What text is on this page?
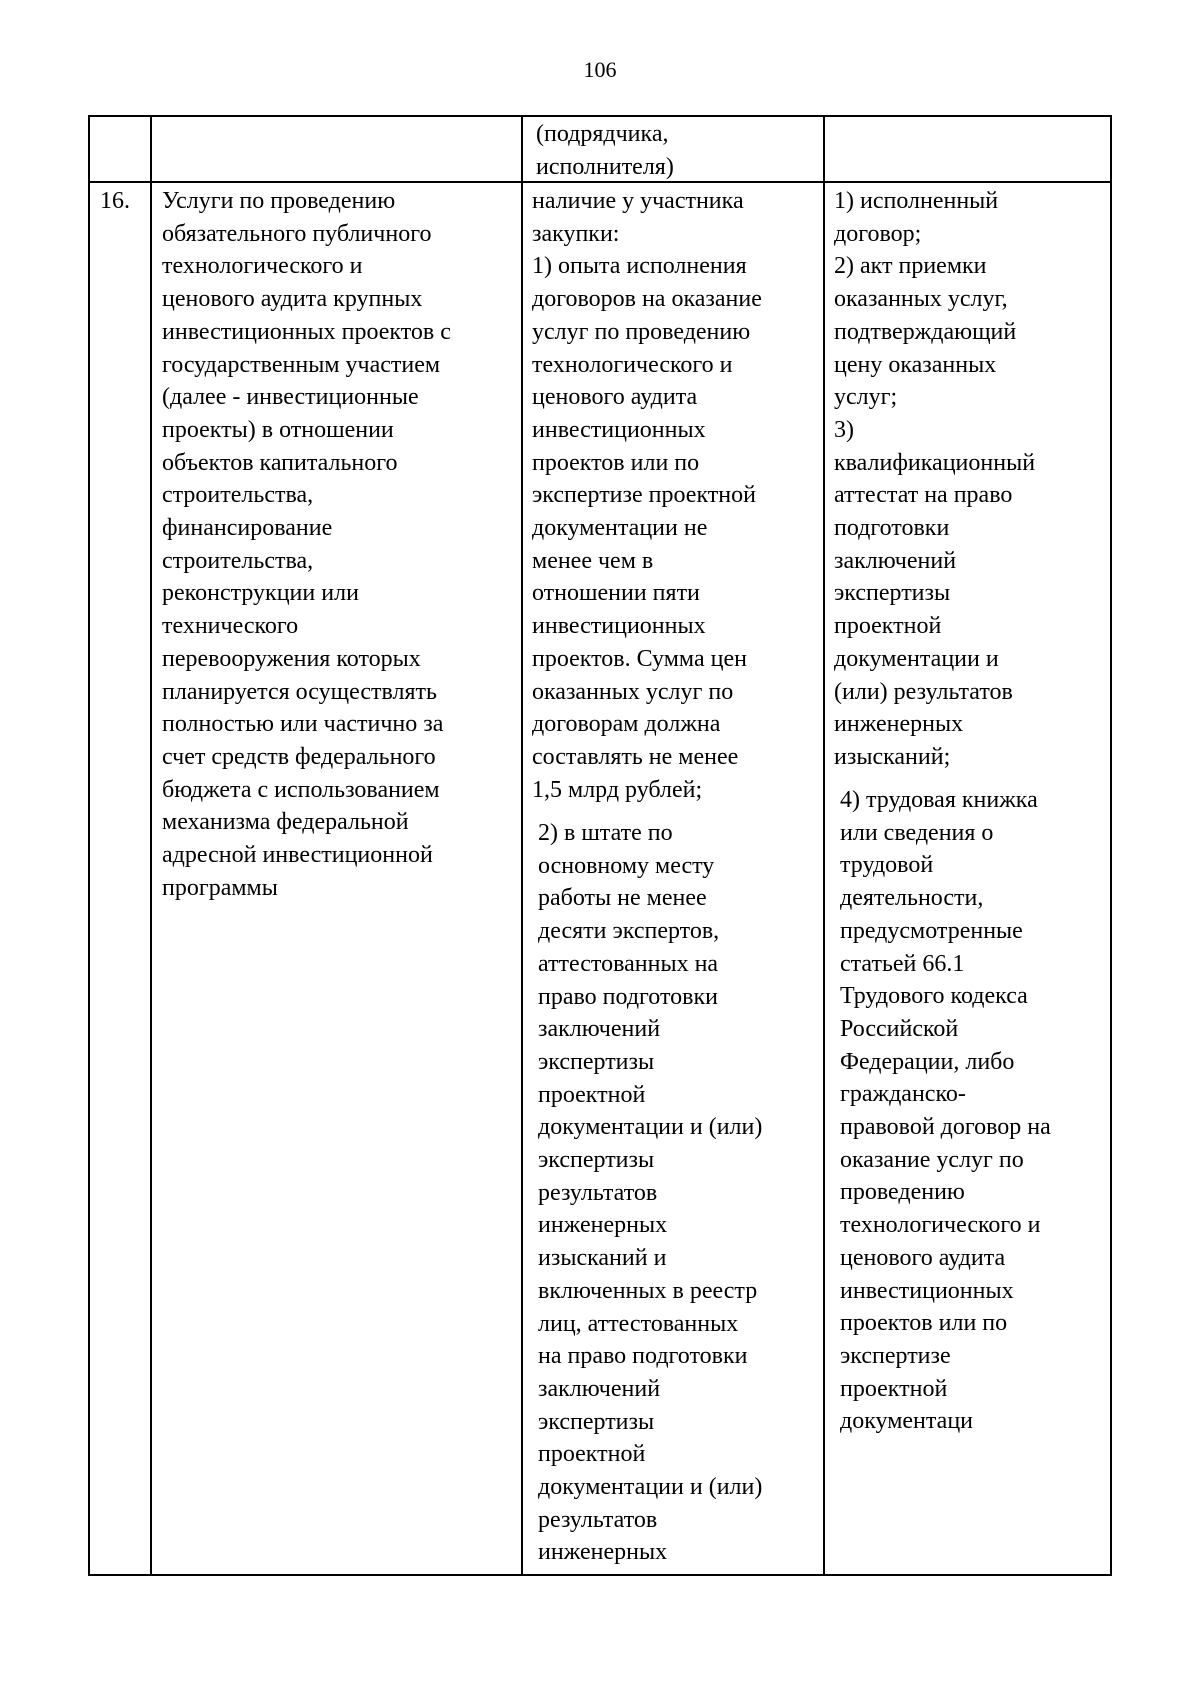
106
(подрядчика,
исполнителя)
16. Услуги по проведению
обязательного публичного
технологического и
ценового аудита крупных
инвестиционных проектов с
государственным участием
(далее - инвестиционные
проекты) в отношении
объектов капитального
строительства,
финансирование
строительства,
реконструкции или
технического
перевооружения которых
планируется осуществлять
полностью или частично за
счет средств федерального
бюджета с использованием
механизма федеральной
адресной инвестиционной
программы
наличие у участника
закупки:
1) опыта исполнения
договоров на оказание
услуг по проведению
технологического и
ценового аудита
инвестиционных
проектов или по
экспертизе проектной
документации не
менее чем в
отношении пяти
инвестиционных
проектов. Сумма цен
оказанных услуг по
договорам должна
составлять не менее
1,5 млрд рублей;
2) в штате по
основному месту
работы не менее
десяти экспертов,
аттестованных на
право подготовки
заключений
экспертизы
проектной
документации и (или)
экспертизы
результатов
инженерных
изысканий и
включенных в реестр
лиц, аттестованных
на право подготовки
заключений
экспертизы
проектной
документации и (или)
результатов
инженерных
1) исполненный
договор;
2) акт приемки
оказанных услуг,
подтверждающий
цену оказанных
услуг;
3)
квалификационный
аттестат на право
подготовки
заключений
экспертизы
проектной
документации и
(или) результатов
инженерных
изысканий;
4) трудовая книжка
или сведения о
трудовой
деятельности,
предусмотренные
статьей 66.1
Трудового кодекса
Российской
Федерации, либо
гражданско-
правовой договор на
оказание услуг по
проведению
технологического и
ценового аудита
инвестиционных
проектов или по
экспертизе
проектной
документаци
